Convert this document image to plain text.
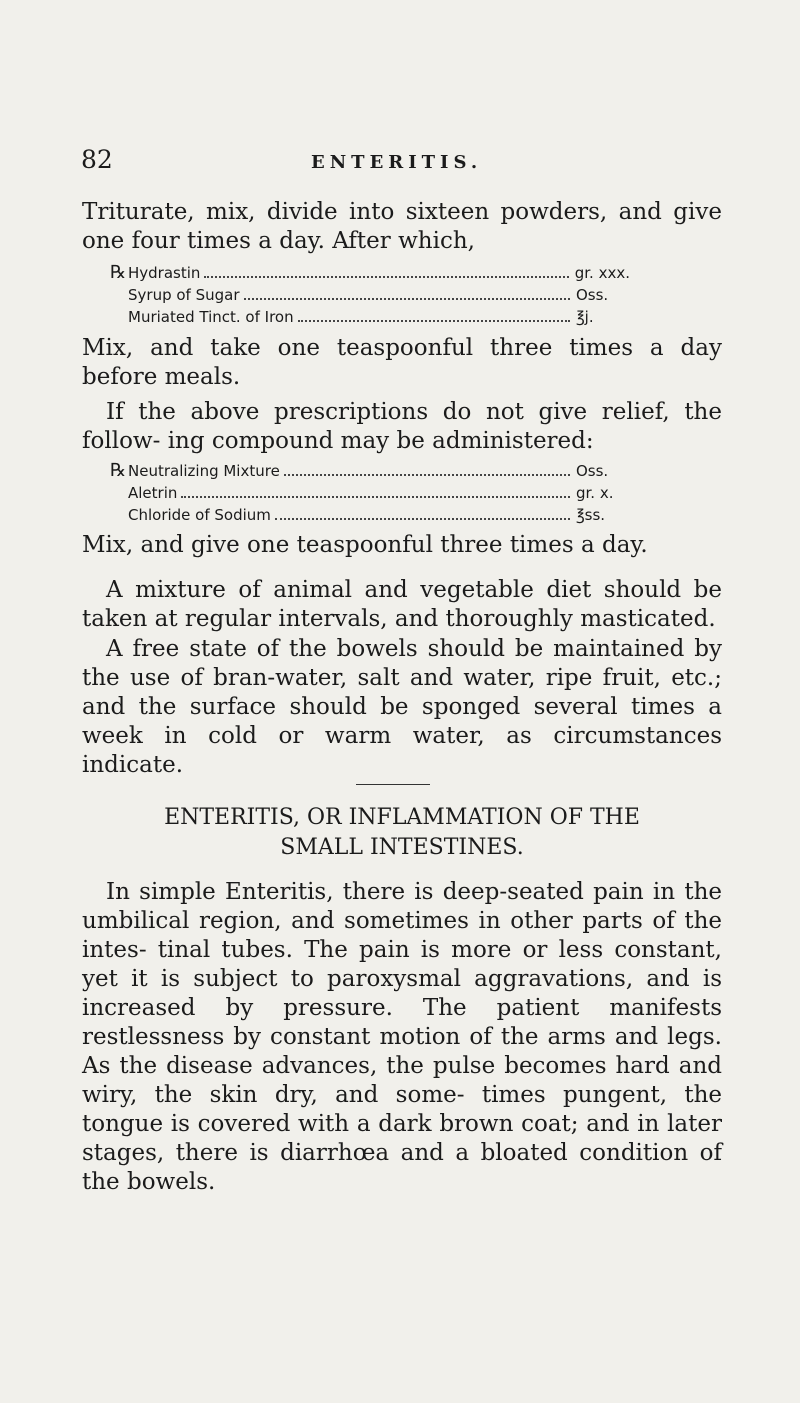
82	ENTERITIS.

Triturate, mix, divide into sixteen powders, and give one four times a day. After which,

℞ Hydrastin	gr. xxx.
Syrup of Sugar	Oss.
Muriated Tinct. of Iron	℥j.

Mix, and take one teaspoonful three times a day before meals.

If the above prescriptions do not give relief, the follow- ing compound may be administered:

℞ Neutralizing Mixture	Oss.
Aletrin	gr. x.
Chloride of Sodium	℥ss.

Mix, and give one teaspoonful three times a day.

A mixture of animal and vegetable diet should be taken at regular intervals, and thoroughly masticated.

A free state of the bowels should be maintained by the use of bran-water, salt and water, ripe fruit, etc.; and the surface should be sponged several times a week in cold or warm water, as circumstances indicate.

ENTERITIS, OR INFLAMMATION OF THE

SMALL INTESTINES.

In simple Enteritis, there is deep-seated pain in the umbilical region, and sometimes in other parts of the intes- tinal tubes. The pain is more or less constant, yet it is subject to paroxysmal aggravations, and is increased by pressure. The patient manifests restlessness by constant motion of the arms and legs. As the disease advances, the pulse becomes hard and wiry, the skin dry, and some- times pungent, the tongue is covered with a dark brown coat; and in later stages, there is diarrhœa and a bloated condition of the bowels.
